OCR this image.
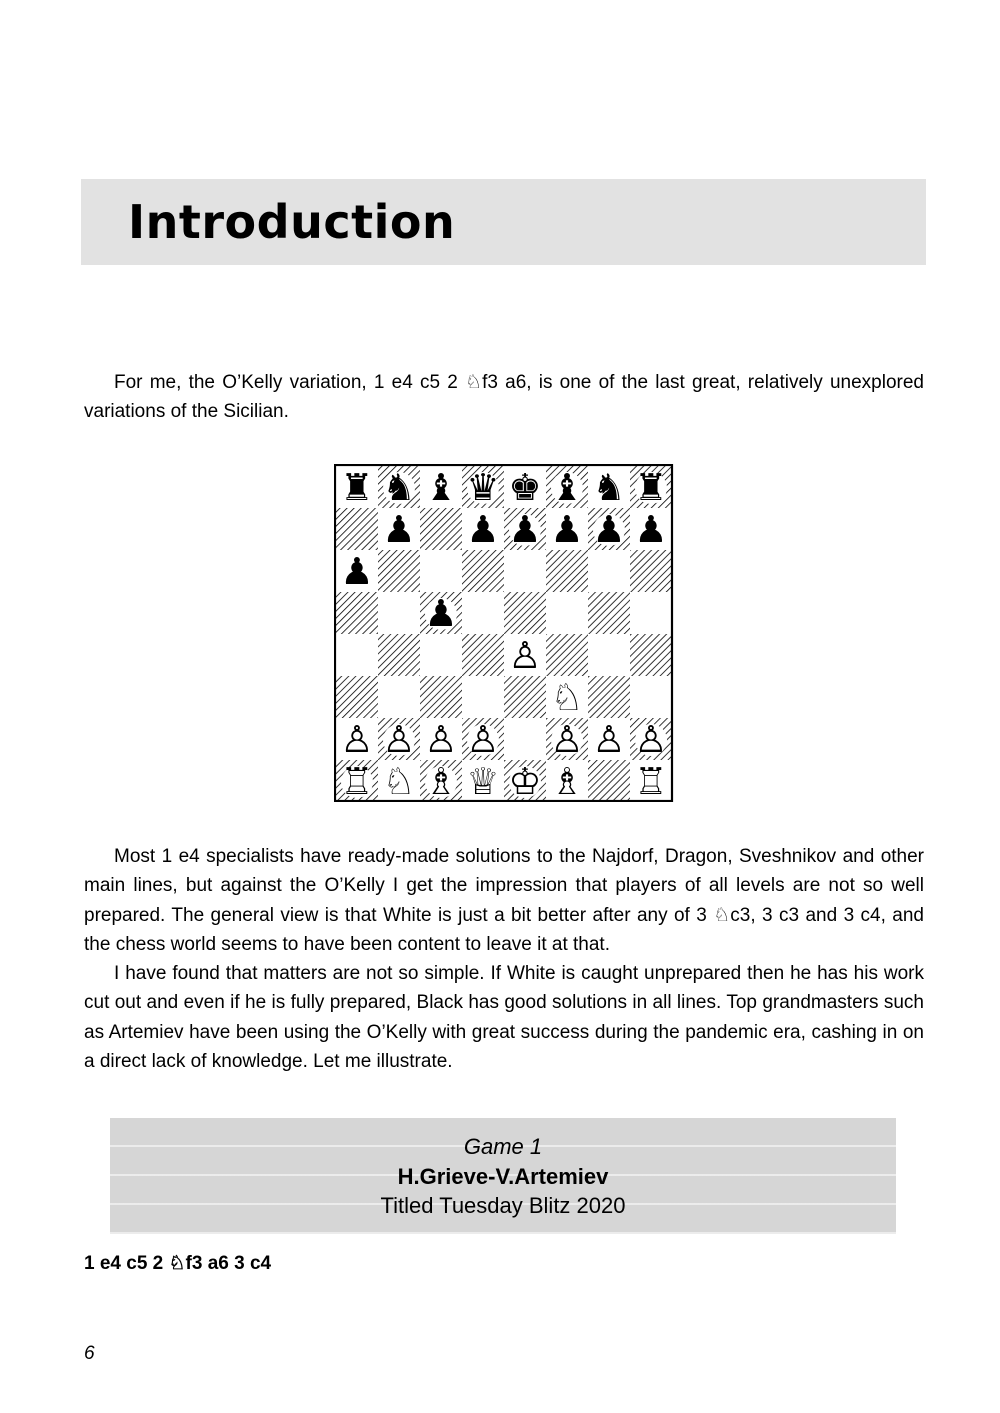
Introduction

For me, the O’Kelly variation, 1 e4 c5 2 ♘f3 a6, is one of the last great, relatively unexplored variations of the Sicilian.

♜ ♞ ♝ ♛ ♚ ♝ ♞ ♜
♟ ♟ ♟ ♟ ♟ ♟
♟
♟
♙
♘
♙ ♙ ♙ ♙ ♙ ♙ ♙
♖ ♘ ♗ ♕ ♔ ♗ ♖

Most 1 e4 specialists have ready-made solutions to the Najdorf, Dragon, Sveshnikov and other main lines, but against the O’Kelly I get the impression that players of all levels are not so well prepared. The general view is that White is just a bit better after any of 3 ♘c3, 3 c3 and 3 c4, and the chess world seems to have been content to leave it at that.

I have found that matters are not so simple. If White is caught unprepared then he has his work cut out and even if he is fully prepared, Black has good solutions in all lines. Top grandmasters such as Artemiev have been using the O’Kelly with great success during the pandemic era, cashing in on a direct lack of knowledge. Let me illustrate.

Game 1
H.Grieve-V.Artemiev
Titled Tuesday Blitz 2020

1 e4 c5 2 ♘f3 a6 3 c4

6
